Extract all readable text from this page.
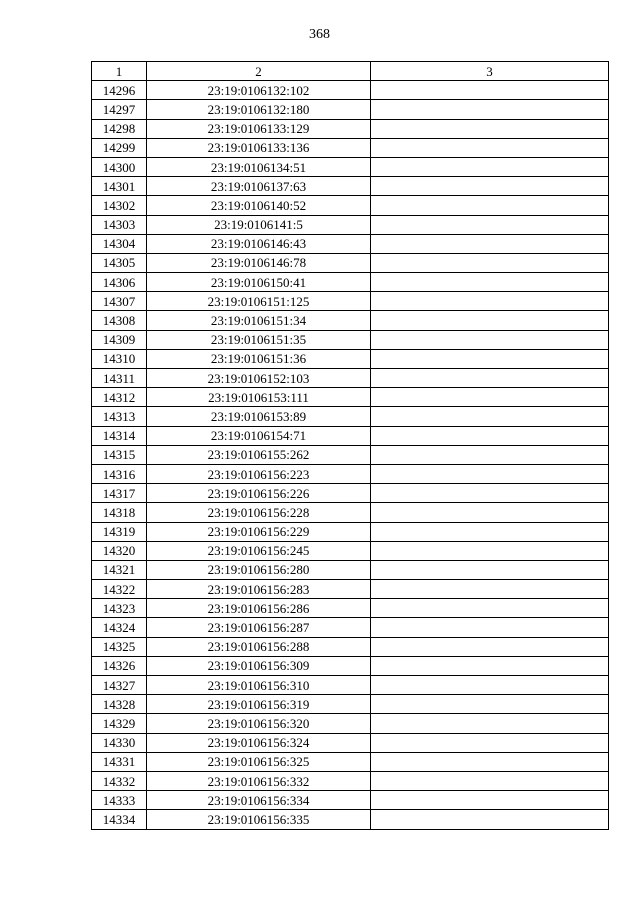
368
1	2	3
14296	23:19:0106132:102	
14297	23:19:0106132:180	
14298	23:19:0106133:129	
14299	23:19:0106133:136	
14300	23:19:0106134:51	
14301	23:19:0106137:63	
14302	23:19:0106140:52	
14303	23:19:0106141:5	
14304	23:19:0106146:43	
14305	23:19:0106146:78	
14306	23:19:0106150:41	
14307	23:19:0106151:125	
14308	23:19:0106151:34	
14309	23:19:0106151:35	
14310	23:19:0106151:36	
14311	23:19:0106152:103	
14312	23:19:0106153:111	
14313	23:19:0106153:89	
14314	23:19:0106154:71	
14315	23:19:0106155:262	
14316	23:19:0106156:223	
14317	23:19:0106156:226	
14318	23:19:0106156:228	
14319	23:19:0106156:229	
14320	23:19:0106156:245	
14321	23:19:0106156:280	
14322	23:19:0106156:283	
14323	23:19:0106156:286	
14324	23:19:0106156:287	
14325	23:19:0106156:288	
14326	23:19:0106156:309	
14327	23:19:0106156:310	
14328	23:19:0106156:319	
14329	23:19:0106156:320	
14330	23:19:0106156:324	
14331	23:19:0106156:325	
14332	23:19:0106156:332	
14333	23:19:0106156:334	
14334	23:19:0106156:335	
